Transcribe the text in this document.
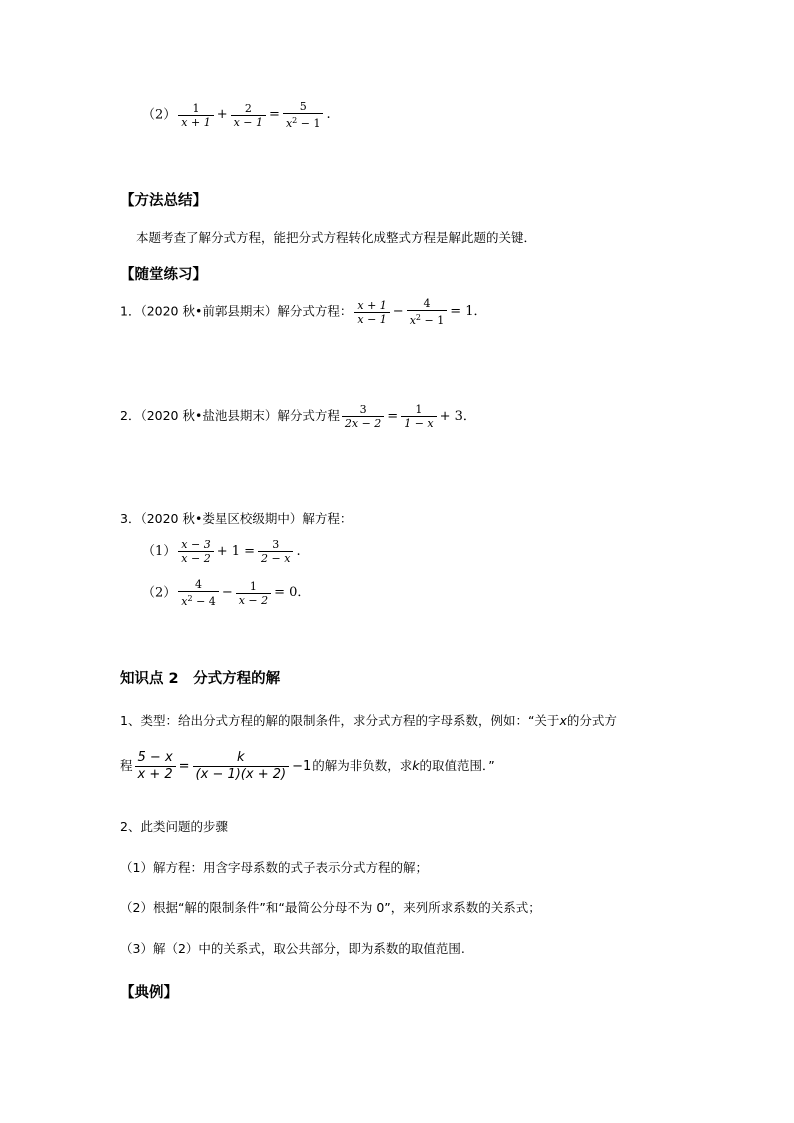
$(2) \frac{1}{x + 1} + \frac{2}{x - 1} = \frac{5}{x^2 - 1}$ .
【方法总结】
本题考查了解分式方程，能把分式方程转化成整式方程是解此题的关键．
【随堂练习】
1．（2020 秋•前郭县期末）解分式方程： $\frac{x + 1}{x - 1} - \frac{4}{x^2 - 1} = 1$．
2．（2020 秋•盐池县期末）解分式方程 $\frac{3}{2x - 2} = \frac{1}{1 - x} + 3$．
3．（2020 秋•娄星区校级期中）解方程：
$(1) \frac{x - 3}{x - 2} + 1 = \frac{3}{2 - x}$ .
$(2) \frac{4}{x^2 - 4} - \frac{1}{x - 2} = 0$．
知识点 2　分式方程的解
1、类型：给出分式方程的解的限制条件，求分式方程的字母系数，例如：“关于x的分式方
程 $\frac{5 - x}{x + 2} = \frac{k}{(x - 1)(x + 2)} -1$的解为非负数，求k的取值范围．”
2、此类问题的步骤
（1）解方程：用含字母系数的式子表示分式方程的解；
（2）根据“解的限制条件”和“最简公分母不为 0”，来列所求系数的关系式；
（3）解（2）中的关系式，取公共部分，即为系数的取值范围.
【典例】
